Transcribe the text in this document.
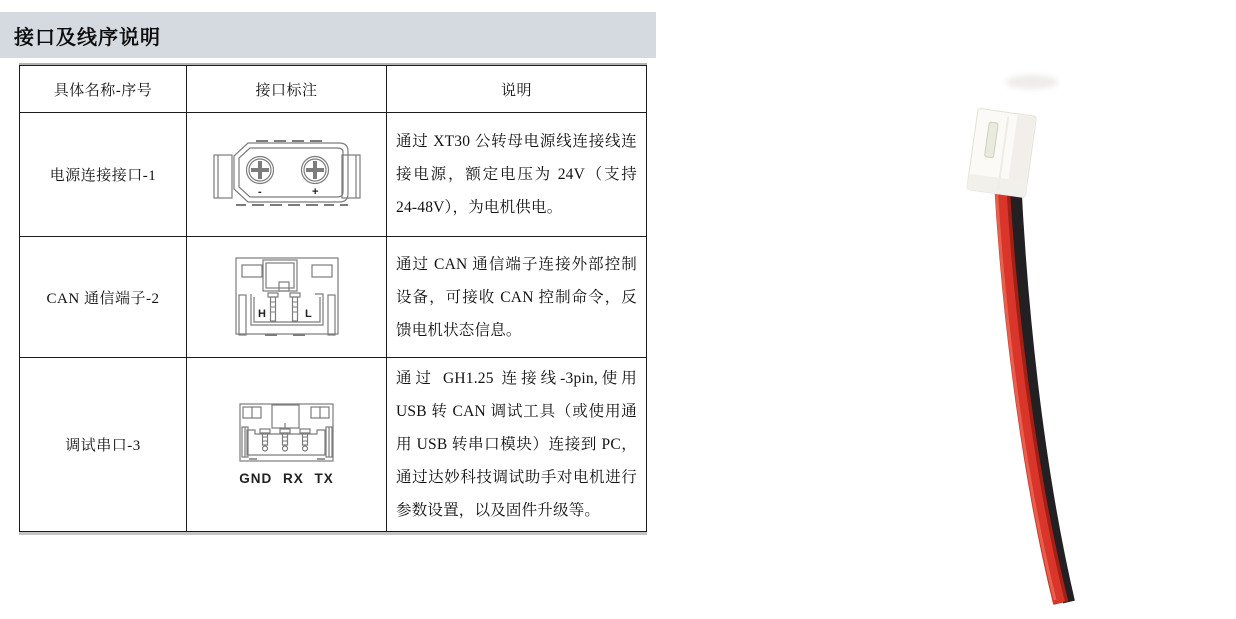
接口及线序说明
具体名称-序号	接口标注	说明
电源连接接口-1	- +	通过 XT30 公转母电源线连接线连接电源，额定电压为 24V（支持24-48V），为电机供电。
CAN 通信端子-2	H L	通过 CAN 通信端子连接外部控制设备，可接收 CAN 控制命令，反馈电机状态信息。
调试串口-3	GND RX TX	通过 GH1.25 连接线-3pin,使用 USB 转 CAN 调试工具（或使用通用 USB 转串口模块）连接到 PC，通过达妙科技调试助手对电机进行参数设置，以及固件升级等。
